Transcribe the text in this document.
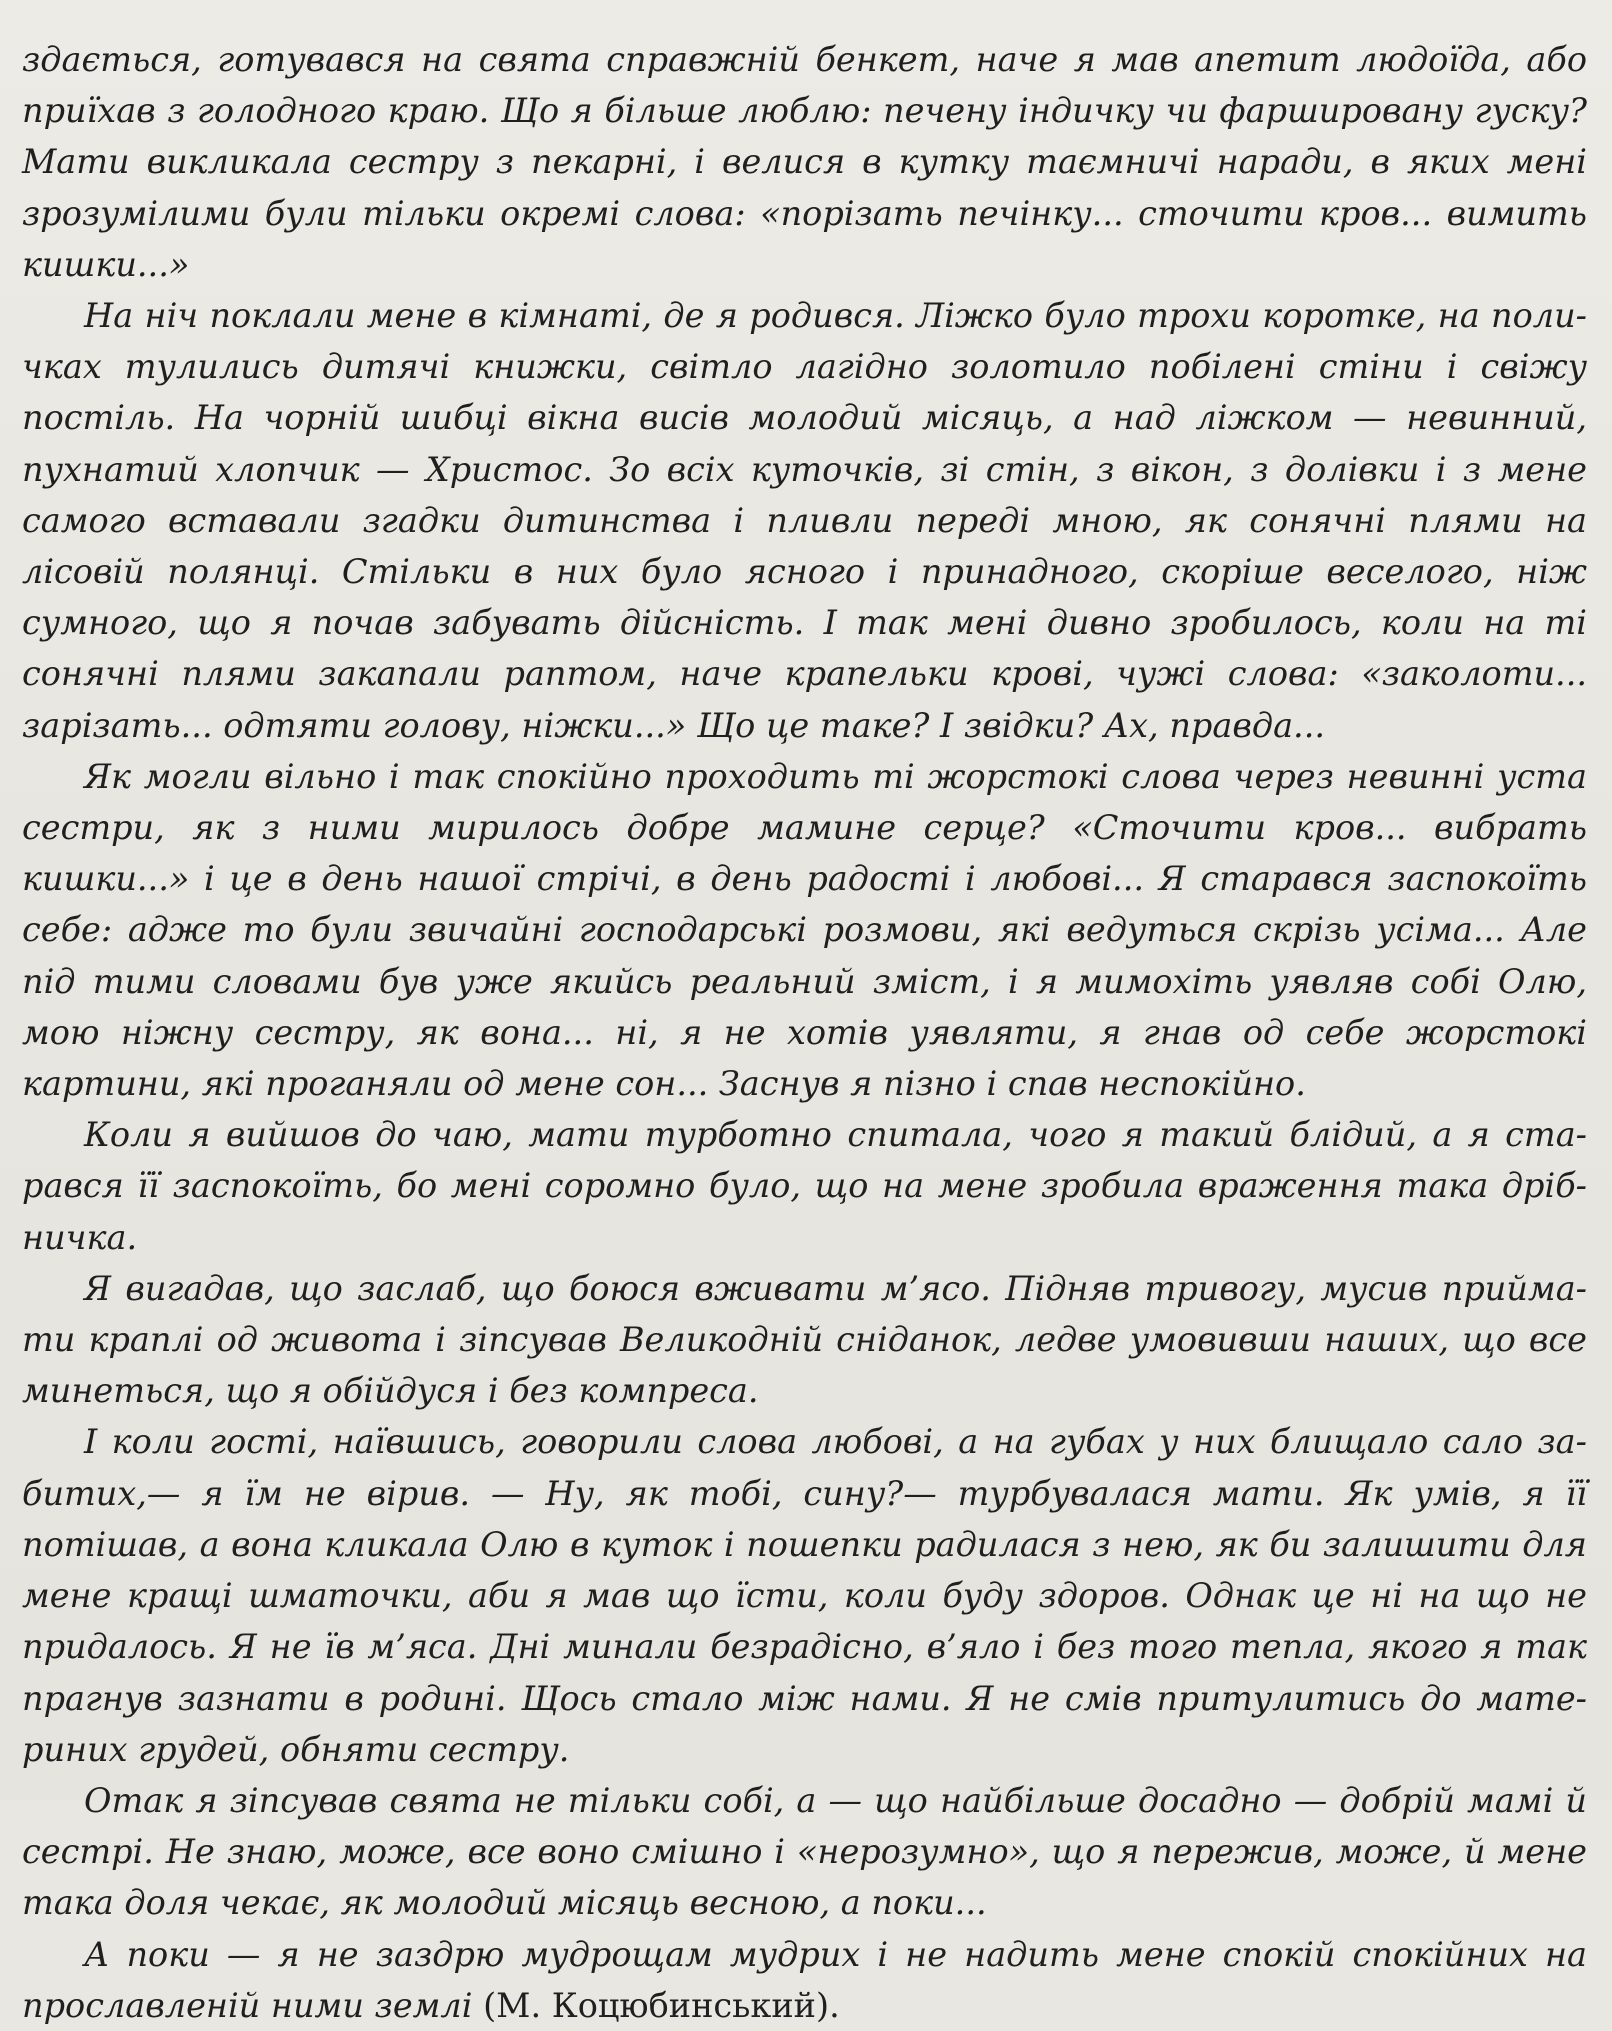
здається, готувався на свята справжній бенкет, наче я мав апетит людоїда, або приїхав з голодного краю. Що я більше люблю: печену індичку чи фаршировану гуску? Мати викликала сестру з пекарні, і велися в кутку таємничі наради, в яких мені зрозумілими були тільки окремі слова: «порізать печінку... сточити кров... вимить кишки...»

На ніч поклали мене в кімнаті, де я родився. Ліжко було трохи коротке, на поличках тулились дитячі книжки, світло лагідно золотило побілені стіни і свіжу постіль. На чорній шибці вікна висів молодий місяць, а над ліжком — невинний, пухнатий хлопчик — Христос. Зо всіх куточків, зі стін, з вікон, з долівки і з мене самого вставали згадки дитинства і пливли переді мною, як сонячні плями на лісовій полянці. Стільки в них було ясного і принадного, скоріше веселого, ніж сумного, що я почав забувать дійсність. І так мені дивно зробилось, коли на ті сонячні плями закапали раптом, наче крапельки крові, чужі слова: «заколоти... зарізать... одтяти голову, ніжки...» Що це таке? І звідки? Ах, правда...

Як могли вільно і так спокійно проходить ті жорстокі слова через невинні уста сестри, як з ними мирилось добре мамине серце? «Сточити кров... вибрать кишки...» і це в день нашої стрічі, в день радості і любові... Я старався заспокоїть себе: адже то були звичайні господарські розмови, які ведуться скрізь усіма... Але під тими словами був уже якийсь реальний зміст, і я мимохіть уявляв собі Олю, мою ніжну сестру, як вона... ні, я не хотів уявляти, я гнав од себе жорстокі картини, які проганяли од мене сон... Заснув я пізно і спав неспокійно.

Коли я вийшов до чаю, мати турботно спитала, чого я такий блідий, а я старався її заспокоїть, бо мені соромно було, що на мене зробила враження така дрібничка.

Я вигадав, що заслаб, що боюся вживати м’ясо. Підняв тривогу, мусив приймати краплі од живота і зіпсував Великодній сніданок, ледве умовивши наших, що все минеться, що я обійдуся і без компреса.

І коли гості, наївшись, говорили слова любові, а на губах у них блищало сало забитих,— я їм не вірив. — Ну, як тобі, сину?— турбувалася мати. Як умів, я її потішав, а вона кликала Олю в куток і пошепки радилася з нею, як би залишити для мене кращі шматочки, аби я мав що їсти, коли буду здоров. Однак це ні на що не придалось. Я не їв м’яса. Дні минали безрадісно, в’яло і без того тепла, якого я так прагнув зазнати в родині. Щось стало між нами. Я не смів притулитись до материних грудей, обняти сестру.

Отак я зіпсував свята не тільки собі, а — що найбільше досадно — добрій мамі й сестрі. Не знаю, може, все воно смішно і «нерозумно», що я пережив, може, й мене така доля чекає, як молодий місяць весною, а поки...

А поки — я не заздрю мудрощам мудрих і не надить мене спокій спокійних на прославленій ними землі (М. Коцюбинський).
